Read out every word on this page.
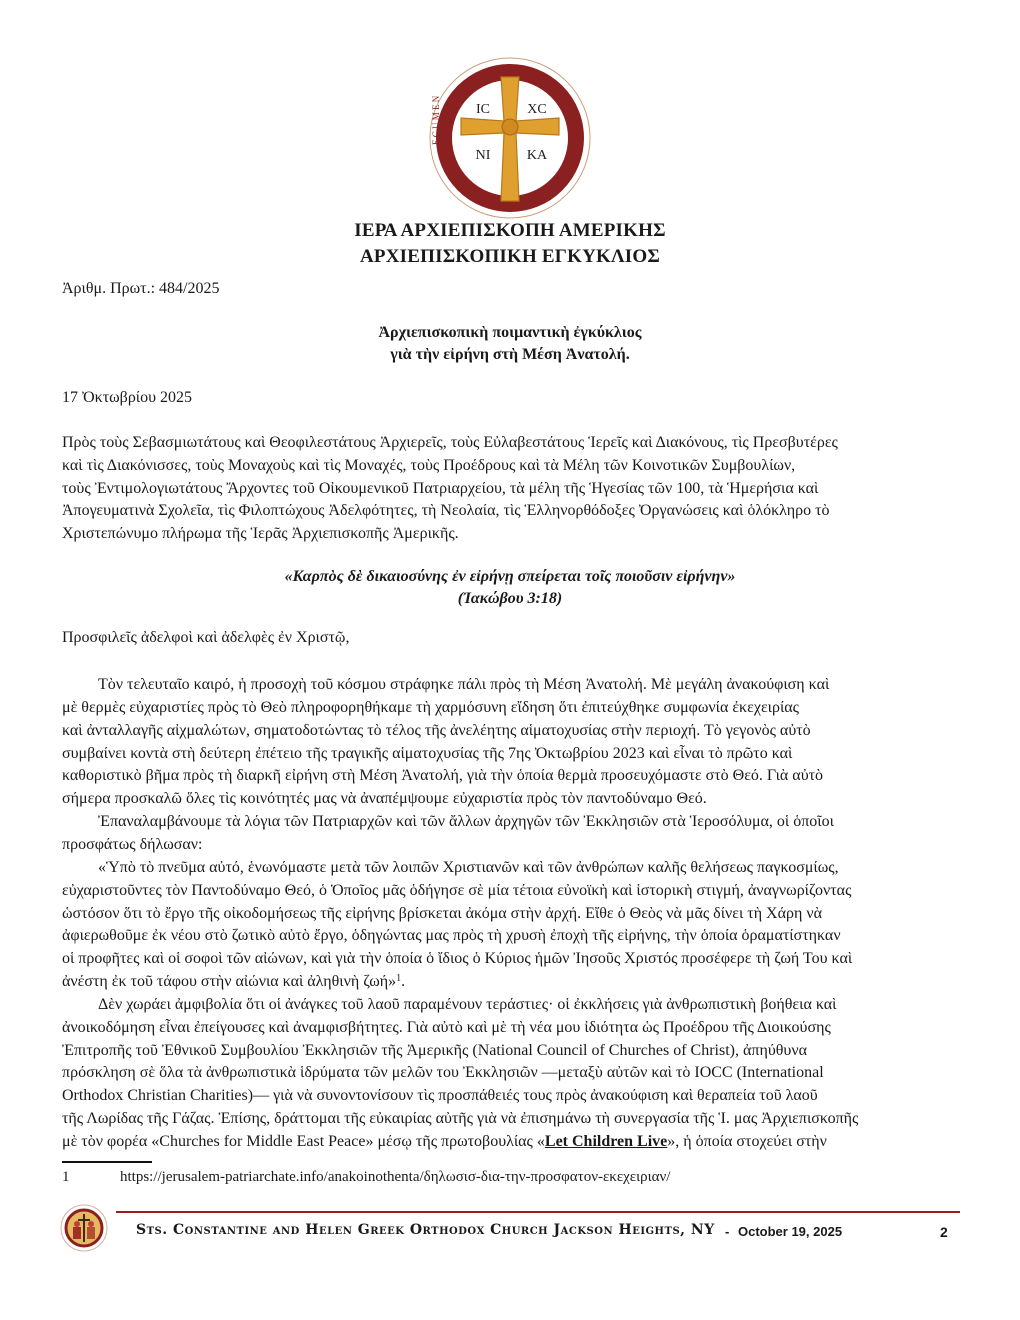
IC	XC
NI	KA
E C U M E N
ΙΕΡΑ ΑΡΧΙΕΠΙΣΚΟΠΗ ΑΜΕΡΙΚΗΣ
ΑΡΧΙΕΠΙΣΚΟΠΙΚΗ ΕΓΚΥΚΛΙΟΣ
Ἀριθμ. Πρωτ.: 484/2025
Ἀρχιεπισκοπικὴ ποιμαντικὴ ἐγκύκλιος
γιὰ τὴν εἰρήνη στὴ Μέση Ἀνατολή.
17 Ὀκτωβρίου 2025
Πρὸς τοὺς Σεβασμιωτάτους καὶ Θεοφιλεστάτους Ἀρχιερεῖς, τοὺς Εὐλαβεστάτους Ἱερεῖς καὶ Διακόνους, τὶς Πρεσβυτέρες
καὶ τὶς Διακόνισσες, τοὺς Μοναχοὺς καὶ τὶς Μοναχές, τοὺς Προέδρους καὶ τὰ Μέλη τῶν Κοινοτικῶν Συμβουλίων,
τοὺς Ἐντιμολογιωτάτους Ἄρχοντες τοῦ Οἰκουμενικοῦ Πατριαρχείου, τὰ μέλη τῆς Ἡγεσίας τῶν 100, τὰ Ἡμερήσια καὶ
Ἀπογευματινὰ Σχολεῖα, τὶς Φιλοπτώχους Ἀδελφότητες, τὴ Νεολαία, τὶς Ἑλληνορθόδοξες Ὀργανώσεις καὶ ὁλόκληρο τὸ
Χριστεπώνυμο πλήρωμα τῆς Ἱερᾶς Ἀρχιεπισκοπῆς Ἀμερικῆς.
«Καρπὸς δὲ δικαιοσύνης ἐν εἰρήνῃ σπείρεται τοῖς ποιοῦσιν εἰρήνην»
(Ἰακώβου 3:18)
Προσφιλεῖς ἀδελφοὶ καὶ ἀδελφὲς ἐν Χριστῷ,
Τὸν τελευταῖο καιρό, ἡ προσοχὴ τοῦ κόσμου στράφηκε πάλι πρὸς τὴ Μέση Ἀνατολή. Μὲ μεγάλη ἀνακούφιση καὶ
μὲ θερμὲς εὐχαριστίες πρὸς τὸ Θεὸ πληροφορηθήκαμε τὴ χαρμόσυνη εἴδηση ὅτι ἐπιτεύχθηκε συμφωνία ἐκεχειρίας
καὶ ἀνταλλαγῆς αἰχμαλώτων, σηματοδοτώντας τὸ τέλος τῆς ἀνελέητης αἱματοχυσίας στὴν περιοχή. Τὸ γεγονὸς αὐτὸ
συμβαίνει κοντὰ στὴ δεύτερη ἐπέτειο τῆς τραγικῆς αἱματοχυσίας τῆς 7ης Ὀκτωβρίου 2023 καὶ εἶναι τὸ πρῶτο καὶ
καθοριστικὸ βῆμα πρὸς τὴ διαρκῆ εἰρήνη στὴ Μέση Ἀνατολή, γιὰ τὴν ὁποία θερμὰ προσευχόμαστε στὸ Θεό. Γιὰ αὐτὸ
σήμερα προσκαλῶ ὅλες τὶς κοινότητές μας νὰ ἀναπέμψουμε εὐχαριστία πρὸς τὸν παντοδύναμο Θεό.
Ἐπαναλαμβάνουμε τὰ λόγια τῶν Πατριαρχῶν καὶ τῶν ἄλλων ἀρχηγῶν τῶν Ἐκκλησιῶν στὰ Ἱεροσόλυμα, οἱ ὁποῖοι
προσφάτως δήλωσαν:
«Ὑπὸ τὸ πνεῦμα αὐτό, ἑνωνόμαστε μετὰ τῶν λοιπῶν Χριστιανῶν καὶ τῶν ἀνθρώπων καλῆς θελήσεως παγκοσμίως,
εὐχαριστοῦντες τὸν Παντοδύναμο Θεό, ὁ Ὁποῖος μᾶς ὁδήγησε σὲ μία τέτοια εὐνοϊκὴ καὶ ἱστορικὴ στιγμή, ἀναγνωρίζοντας
ὡστόσον ὅτι τὸ ἔργο τῆς οἰκοδομήσεως τῆς εἰρήνης βρίσκεται ἀκόμα στὴν ἀρχή. Εἴθε ὁ Θεὸς νὰ μᾶς δίνει τὴ Χάρη νὰ
ἀφιερωθοῦμε ἐκ νέου στὸ ζωτικὸ αὐτὸ ἔργο, ὁδηγώντας μας πρὸς τὴ χρυσὴ ἐποχὴ τῆς εἰρήνης, τὴν ὁποία ὁραματίστηκαν
οἱ προφῆτες καὶ οἱ σοφοὶ τῶν αἰώνων, καὶ γιὰ τὴν ὁποία ὁ ἴδιος ὁ Κύριος ἡμῶν Ἰησοῦς Χριστός προσέφερε τὴ ζωή Του καὶ
ἀνέστη ἐκ τοῦ τάφου στὴν αἰώνια καὶ ἀληθινὴ ζωή»$^1$.
Δὲν χωράει ἀμφιβολία ὅτι οἱ ἀνάγκες τοῦ λαοῦ παραμένουν τεράστιες· οἱ ἐκκλήσεις γιὰ ἀνθρωπιστικὴ βοήθεια καὶ
ἀνοικοδόμηση εἶναι ἐπείγουσες καὶ ἀναμφισβήτητες. Γιὰ αὐτὸ καὶ μὲ τὴ νέα μου ἰδιότητα ὡς Προέδρου τῆς Διοικούσης
Ἐπιτροπῆς τοῦ Ἐθνικοῦ Συμβουλίου Ἐκκλησιῶν τῆς Ἀμερικῆς (National Council of Churches of Christ), ἀπηύθυνα
πρόσκληση σὲ ὅλα τὰ ἀνθρωπιστικὰ ἱδρύματα τῶν μελῶν του Ἐκκλησιῶν —μεταξὺ αὐτῶν καὶ τὸ IOCC (International
Orthodox Christian Charities)— γιὰ νὰ συνοντονίσουν τὶς προσπάθειές τους πρὸς ἀνακούφιση καὶ θεραπεία τοῦ λαοῦ
τῆς Λωρίδας τῆς Γάζας. Ἐπίσης, δράττομαι τῆς εὐκαιρίας αὐτῆς γιὰ νὰ ἐπισημάνω τὴ συνεργασία τῆς Ἱ. μας Ἀρχιεπισκοπῆς
μὲ τὸν φορέα «Churches for Middle East Peace» μέσῳ τῆς πρωτοβουλίας «Let Children Live», ἡ ὁποία στοχεύει στὴν
1	https://jerusalem-patriarchate.info/anakoinothenta/δηλωσισ-δια-την-προσφατον-εκεχειριαν/
Sts. Constantine and Helen Greek Orthodox Church Jackson Heights, NY - October 19, 2025	2
